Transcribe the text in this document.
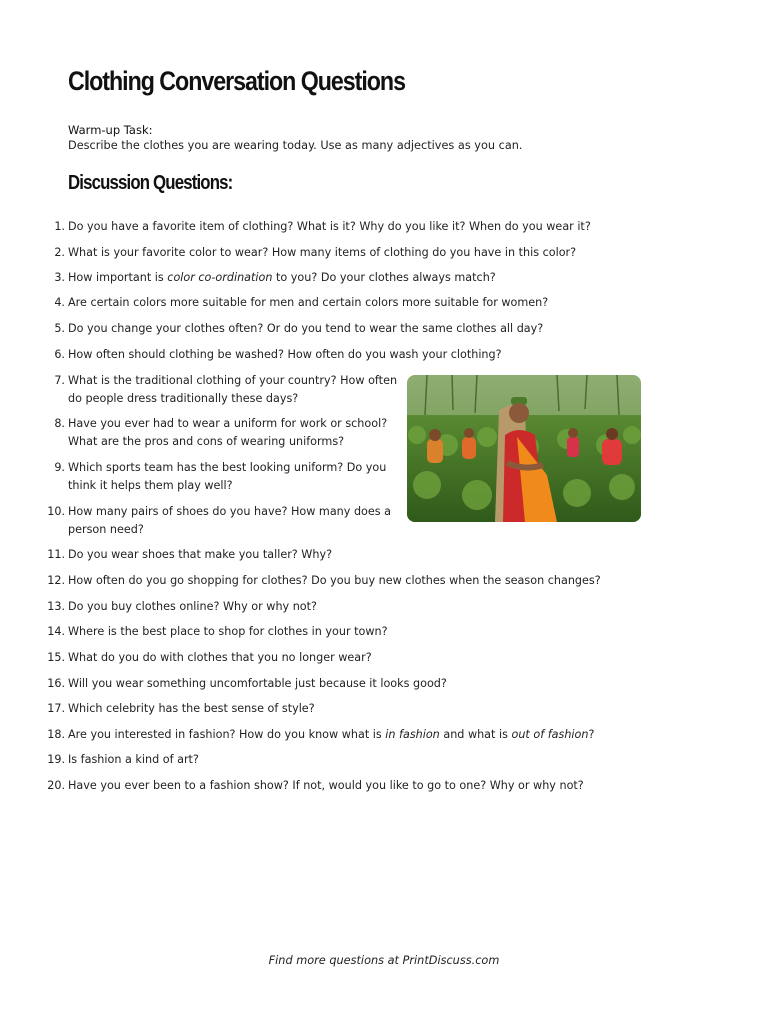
Clothing Conversation Questions

Warm-up Task:

Describe the clothes you are wearing today. Use as many adjectives as you can.

Discussion Questions:
1. Do you have a favorite item of clothing? What is it? Why do you like it? When do you wear it?
2. What is your favorite color to wear? How many items of clothing do you have in this color?
3. How important is color co-ordination to you? Do your clothes always match?
4. Are certain colors more suitable for men and certain colors more suitable for women?
5. Do you change your clothes often? Or do you tend to wear the same clothes all day?
6. How often should clothing be washed? How often do you wash your clothing?
7. What is the traditional clothing of your country? How often do people dress traditionally these days?
8. Have you ever had to wear a uniform for work or school? What are the pros and cons of wearing uniforms?
9. Which sports team has the best looking uniform? Do you think it helps them play well?
10. How many pairs of shoes do you have? How many does a person need?
11. Do you wear shoes that make you taller? Why?
12. How often do you go shopping for clothes? Do you buy new clothes when the season changes?
13. Do you buy clothes online? Why or why not?
14. Where is the best place to shop for clothes in your town?
15. What do you do with clothes that you no longer wear?
16. Will you wear something uncomfortable just because it looks good?
17. Which celebrity has the best sense of style?
18. Are you interested in fashion? How do you know what is in fashion and what is out of fashion?
19. Is fashion a kind of art?
20. Have you ever been to a fashion show? If not, would you like to go to one? Why or why not?
Find more questions at PrintDiscuss.com
